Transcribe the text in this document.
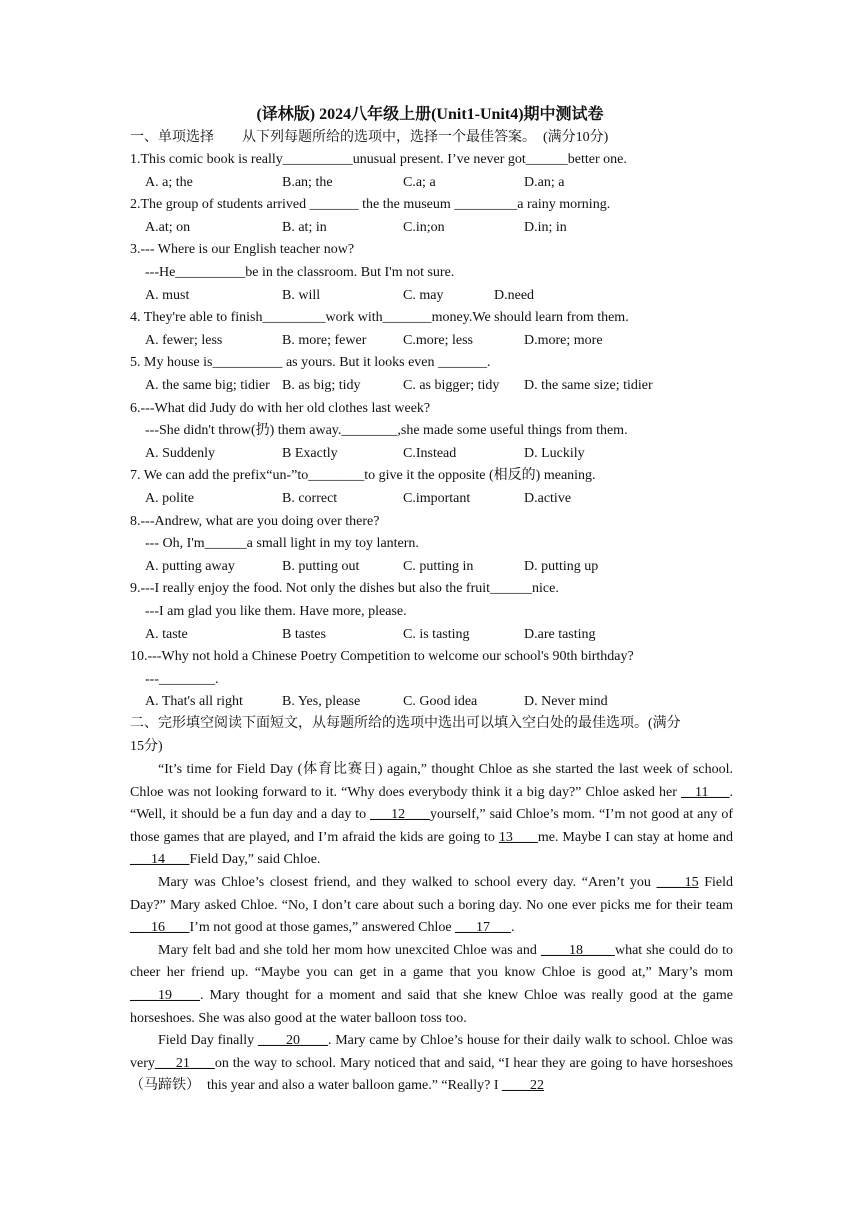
(译林版) 2024八年级上册(Unit1-Unit4)期中测试卷
一、单项选择　　从下列每题所给的选项中，选择一个最佳答案。　(满分10分)
1.This comic book is really__________unusual present. I’ve never got______better one.
A. a; the	B.an; the	C.a; a	D.an; a
2.The group of students arrived _______ the the museum _________a rainy morning.
A.at; on	B. at; in	C.in;on	D.in; in
3.--- Where is our English teacher now?
---He__________be in the classroom. But I'm not sure.
A. must	B. will	C. may	D.need
4. They're able to finish_________work with_______money.We should learn from them.
A. fewer; less	B. more; fewer	C.more; less	D.more; more
5. My house is__________ as yours. But it looks even _______.
A. the same big; tidier B. as big; tidy	C. as bigger; tidy D. the same size; tidier
6.---What did Judy do with her old clothes last week?
---She didn't throw(扔) them away.________,she made some useful things from them.
A. Suddenly	B Exactly	C.Instead	D. Luckily
7. We can add the prefix“un-”to________to give it the opposite (相反的) meaning.
A. polite	B. correct	C.important	D.active
8.---Andrew, what are you doing over there?
--- Oh, I'm______a small light in my toy lantern.
A. putting away	B. putting out	C. putting in	D. putting up
9.---I really enjoy the food. Not only the dishes but also the fruit______nice.
---I am glad you like them. Have more, please.
A. taste	B tastes	C. is tasting	D.are tasting
10.---Why not hold a Chinese Poetry Competition to welcome our school's 90th birthday?
---________.
A. That's all right	B. Yes, please	C. Good idea	D. Never mind
二、完形填空阅读下面短文，从每题所给的选项中选出可以填入空白处的最佳选项。(满分
15分)

“It’s time for Field Day (体育比赛日) again,” thought Chloe as she started the last week of school. Chloe was not looking forward to it. “Why does everybody think it a big day?” Chloe asked her __11___. “Well, it should be a fun day and a day to ___12___ yourself,” said Chloe’s mom. “I’m not good at any of those games that are played, and I’m afraid the kids are going to 13___ me. Maybe I can stay at home and ___14___ Field Day,” said Chloe.

Mary was Chloe’s closest friend, and they walked to school every day. “Aren’t you ____15 Field Day?” Mary asked Chloe. “No, I don’t care about such a boring day. No one ever picks me for their team ___16___ I’m not good at those games,” answered Chloe ___17___.

Mary felt bad and she told her mom how unexcited Chloe was and ____18____ what she could do to cheer her friend up. “Maybe you can get in a game that you know Chloe is good at,” Mary’s mom ____19____. Mary thought for a moment and said that she knew Chloe was really good at the game horseshoes. She was also good at the water balloon toss too.

Field Day finally ____20____. Mary came by Chloe’s house for their daily walk to school. Chloe was very___21___ on the way to school. Mary noticed that and said, “I hear they are going to have horseshoes（马蹄铁）　this year and also a water balloon game.” “Really? I ____22
